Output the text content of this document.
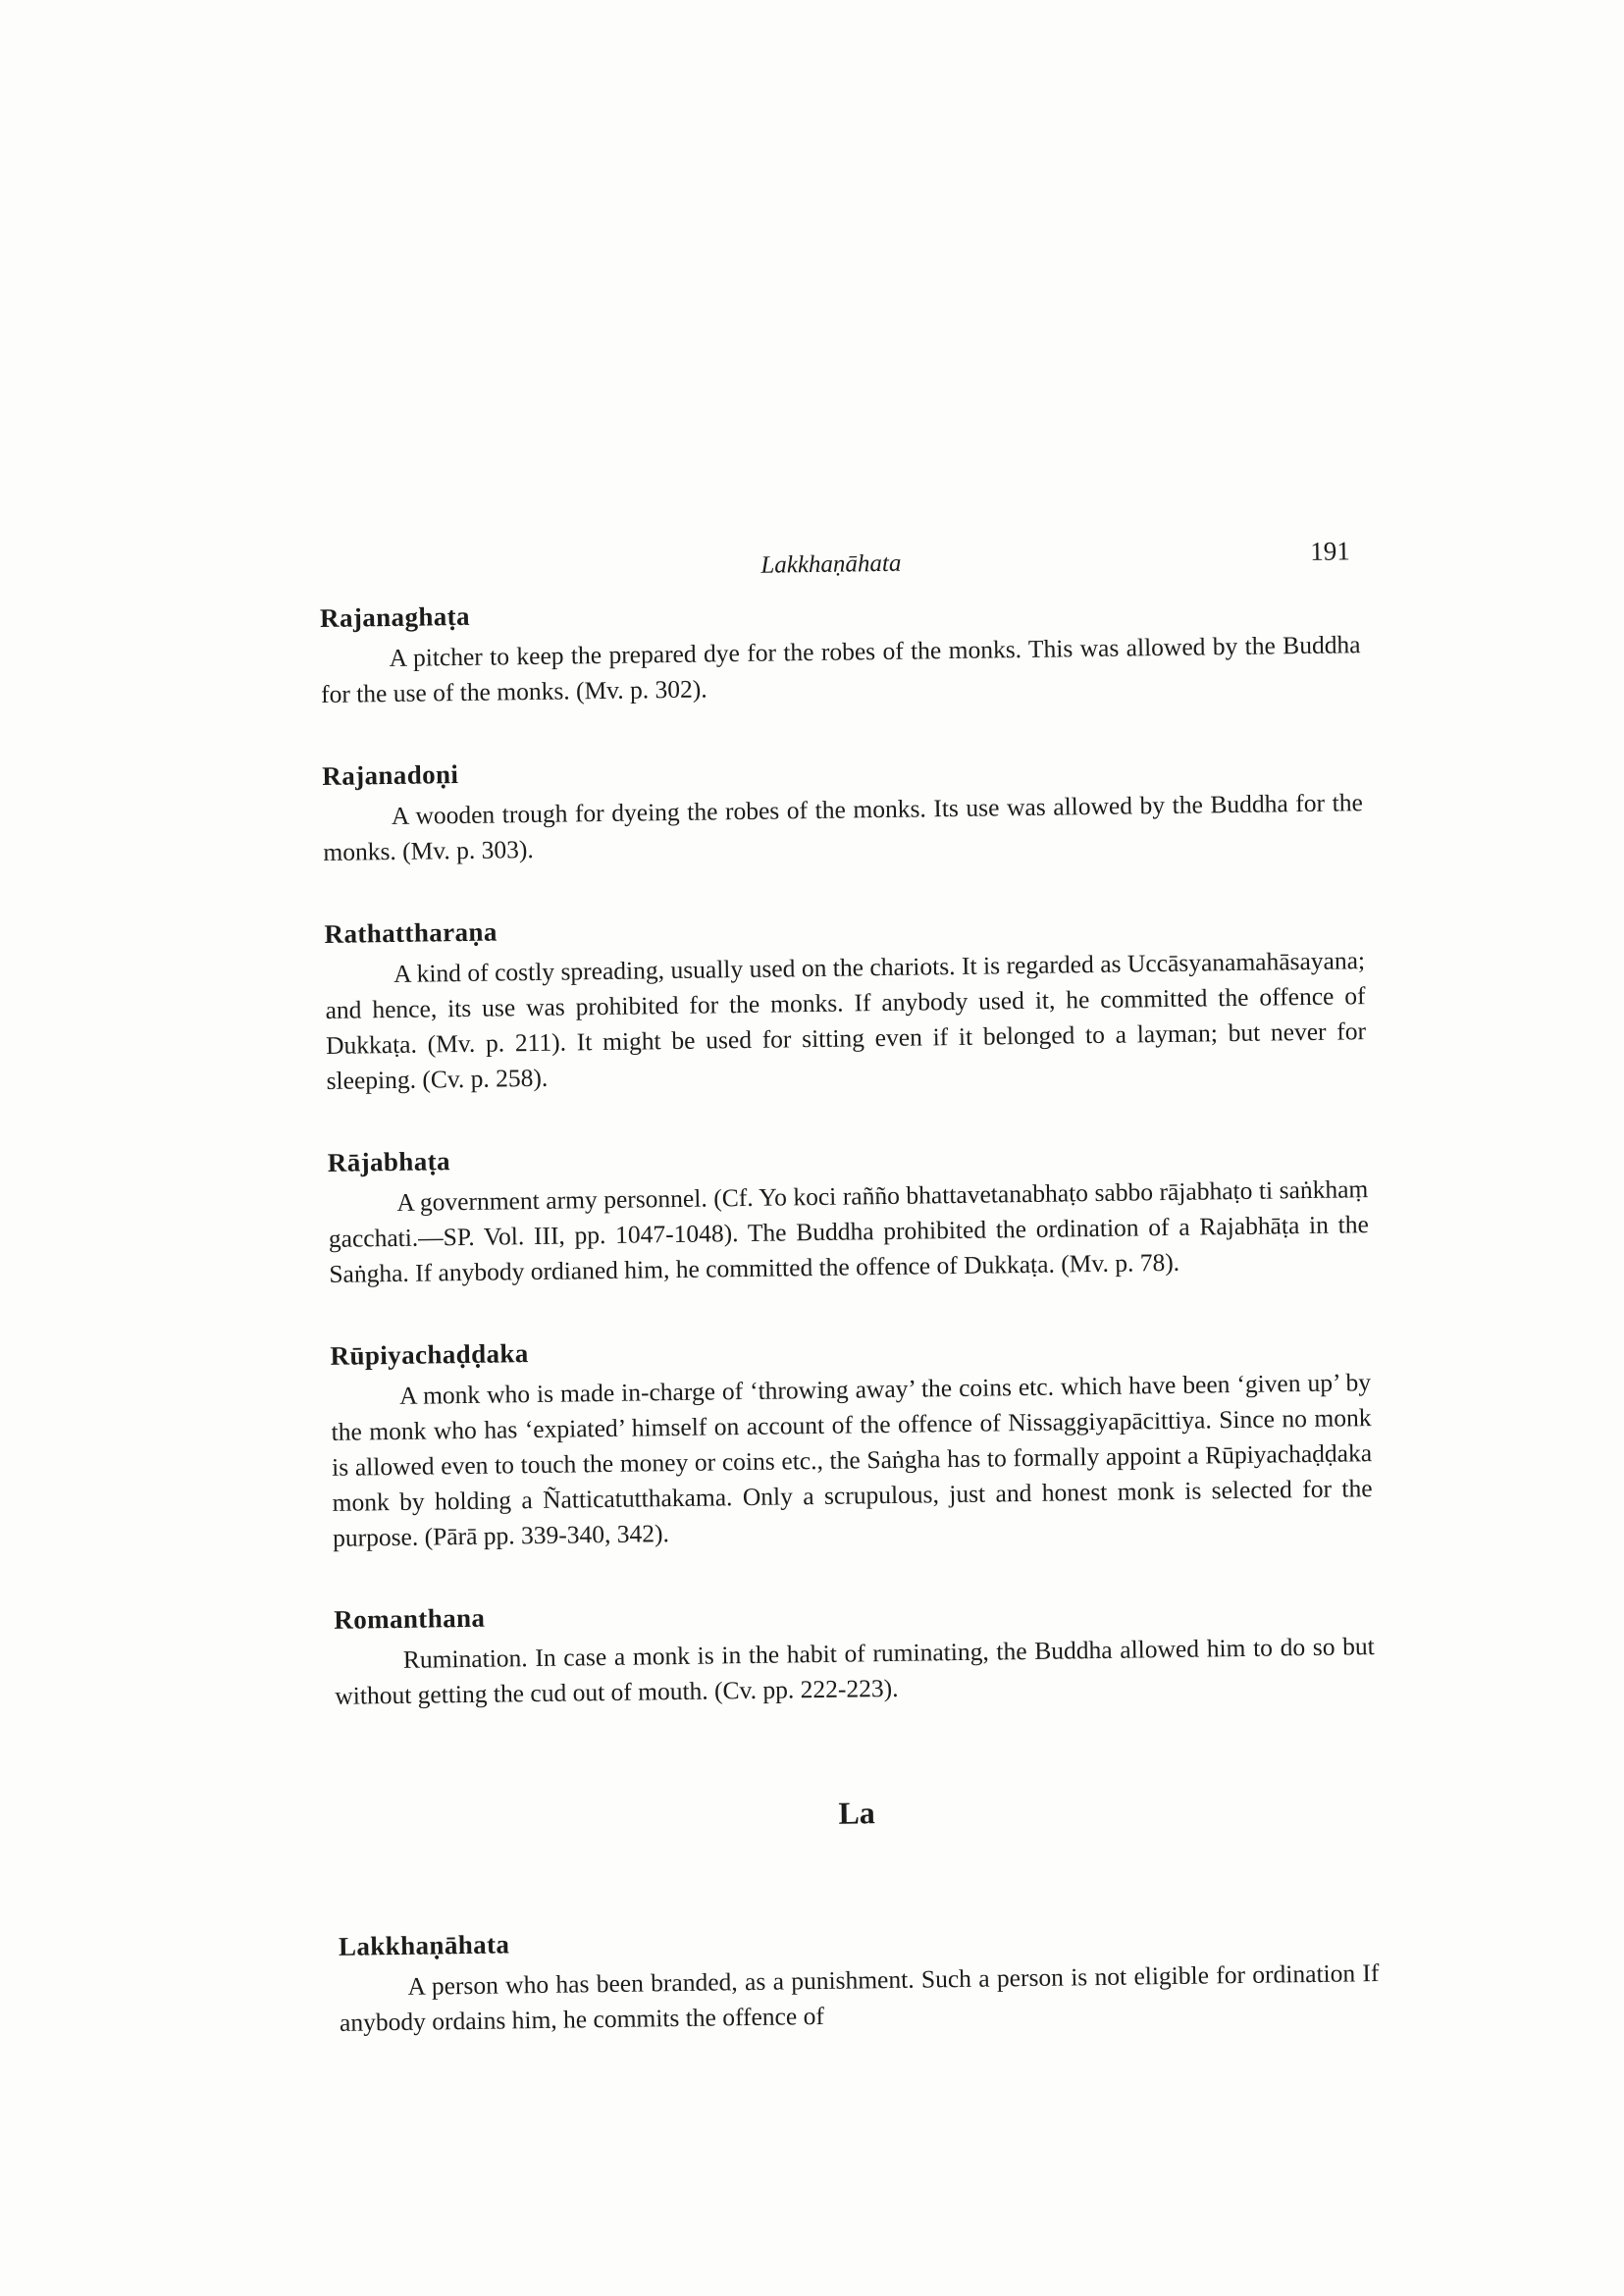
Lakkhaṇāhata	191
Rajanaghaṭa

A pitcher to keep the prepared dye for the robes of the monks. This was allowed by the Buddha for the use of the monks. (Mv. p. 302).

Rajanadoṇi

A wooden trough for dyeing the robes of the monks. Its use was allowed by the Buddha for the monks. (Mv. p. 303).

Rathattharaṇa

A kind of costly spreading, usually used on the chariots. It is regarded as Uccāsyanamahāsayana; and hence, its use was prohibited for the monks. If anybody used it, he committed the offence of Dukkaṭa. (Mv. p. 211). It might be used for sitting even if it belonged to a layman; but never for sleeping. (Cv. p. 258).

Rājabhaṭa

A government army personnel. (Cf. Yo koci rañño bhattavetanabhaṭo sabbo rājabhaṭo ti saṅkhaṃ gacchati.—SP. Vol. III, pp. 1047-1048). The Buddha prohibited the ordination of a Rajabhāṭa in the Saṅgha. If anybody ordianed him, he committed the offence of Dukkaṭa. (Mv. p. 78).

Rūpiyachaḍḍaka

A monk who is made in-charge of ‘throwing away’ the coins etc. which have been ‘given up’ by the monk who has ‘expiated’ himself on account of the offence of Nissaggiyapācittiya. Since no monk is allowed even to touch the money or coins etc., the Saṅgha has to formally appoint a Rūpiyachaḍḍaka monk by holding a Ñatticatutthakama. Only a scrupulous, just and honest monk is selected for the purpose. (Pārā pp. 339-340, 342).

Romanthana

Rumination. In case a monk is in the habit of ruminating, the Buddha allowed him to do so but without getting the cud out of mouth. (Cv. pp. 222-223).

La
Lakkhaṇāhata

A person who has been branded, as a punishment. Such a person is not eligible for ordination If anybody ordains him, he commits the offence of
